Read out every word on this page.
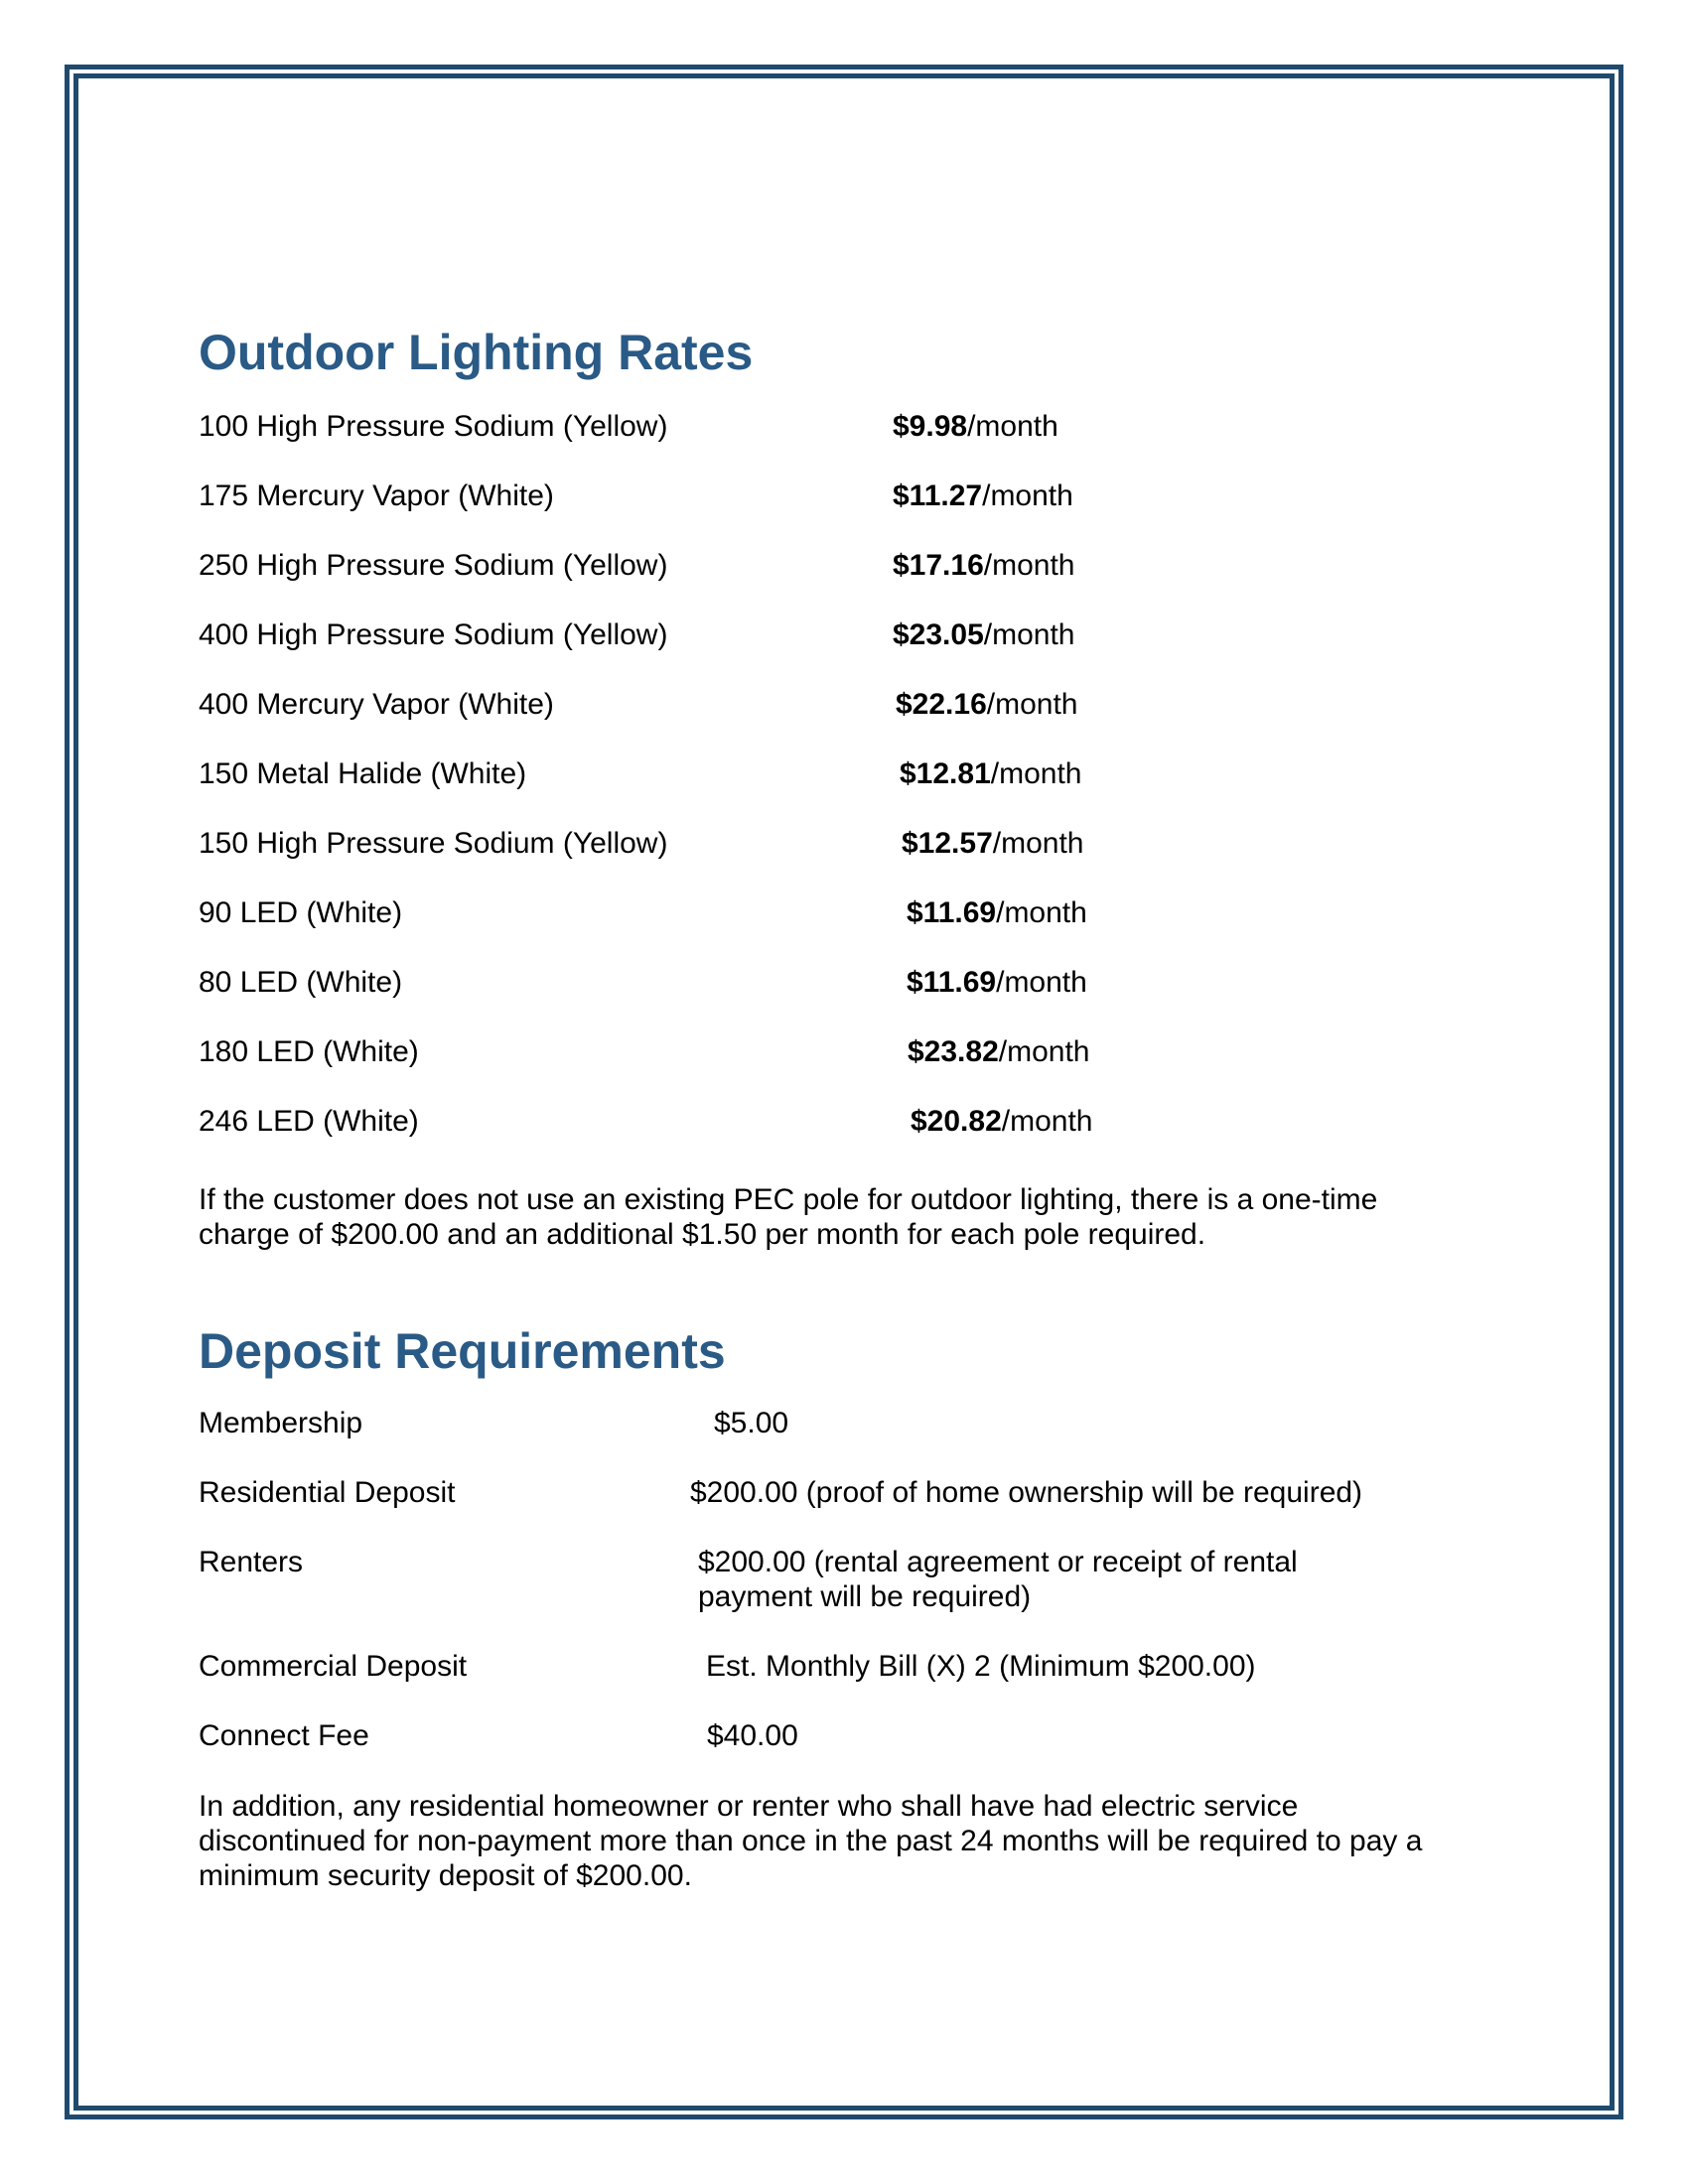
Outdoor Lighting Rates
100 High Pressure Sodium (Yellow)	$9.98/month
175 Mercury Vapor (White)	$11.27/month
250 High Pressure Sodium (Yellow)	$17.16/month
400 High Pressure Sodium (Yellow)	$23.05/month
400 Mercury Vapor (White)	$22.16/month
150 Metal Halide (White)	$12.81/month
150 High Pressure Sodium (Yellow)	$12.57/month
90 LED (White)	$11.69/month
80 LED (White)	$11.69/month
180 LED (White)	$23.82/month
246 LED (White)	$20.82/month

If the customer does not use an existing PEC pole for outdoor lighting, there is a one-time
charge of $200.00 and an additional $1.50 per month for each pole required.

Deposit Requirements
Membership	$5.00
Residential Deposit	$200.00 (proof of home ownership will be required)
Renters	$200.00 (rental agreement or receipt of rental
payment will be required)
Commercial Deposit	Est. Monthly Bill (X) 2 (Minimum $200.00)
Connect Fee	$40.00

In addition, any residential homeowner or renter who shall have had electric service
discontinued for non-payment more than once in the past 24 months will be required to pay a
minimum security deposit of $200.00.
